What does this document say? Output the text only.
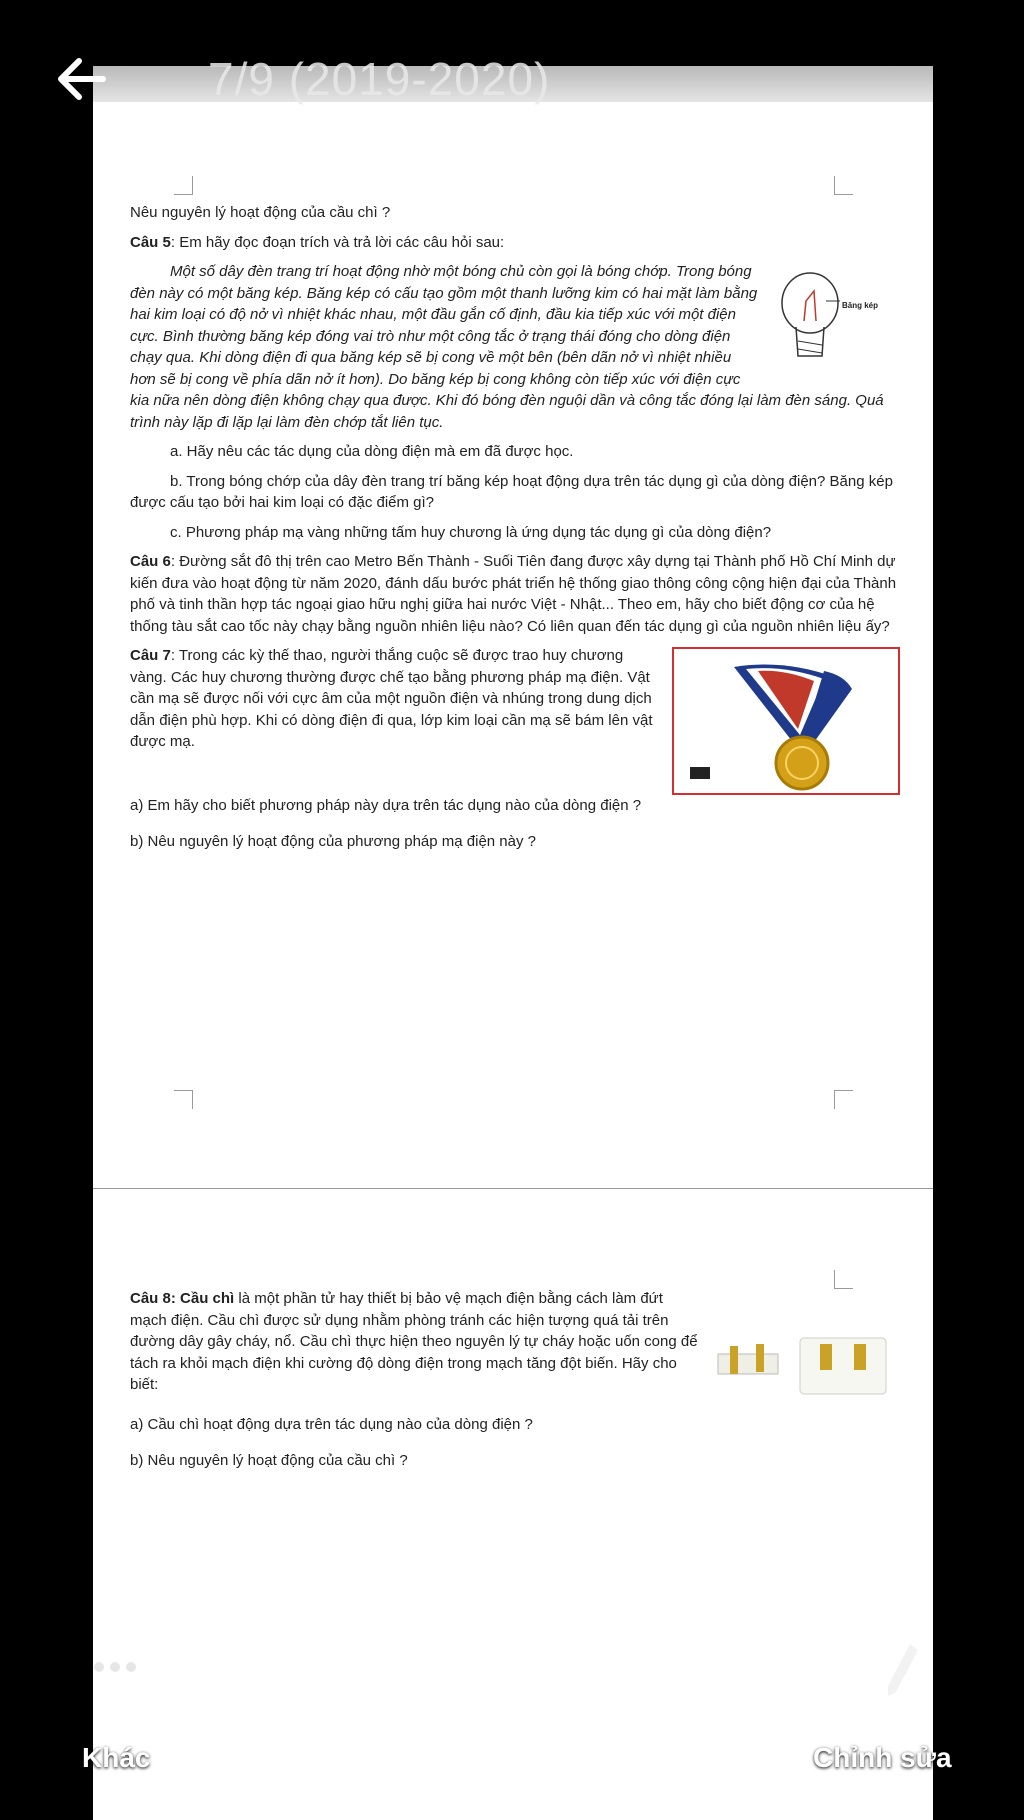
7/9 (2019-2020)

Nêu nguyên lý hoạt động của cầu chì ?

Câu 5: Em hãy đọc đoạn trích và trả lời các câu hỏi sau:

Băng kép

Một số dây đèn trang trí hoạt động nhờ một bóng chủ còn gọi là bóng chớp. Trong bóng đèn này có một băng kép. Băng kép có cấu tạo gồm một thanh lưỡng kim có hai mặt làm bằng hai kim loại có độ nở vì nhiệt khác nhau, một đầu gắn cố định, đầu kia tiếp xúc với một điện cực. Bình thường băng kép đóng vai trò như một công tắc ở trạng thái đóng cho dòng điện chạy qua. Khi dòng điện đi qua băng kép sẽ bị cong về một bên (bên dãn nở vì nhiệt nhiều hơn sẽ bị cong về phía dãn nở ít hơn). Do băng kép bị cong không còn tiếp xúc với điện cực kia nữa nên dòng điện không chạy qua được. Khi đó bóng đèn nguội dần và công tắc đóng lại làm đèn sáng. Quá trình này lặp đi lặp lại làm đèn chớp tắt liên tục.

a. Hãy nêu các tác dụng của dòng điện mà em đã được học.

b. Trong bóng chớp của dây đèn trang trí băng kép hoạt động dựa trên tác dụng gì của dòng điện? Băng kép được cấu tạo bởi hai kim loại có đặc điểm gì?

c. Phương pháp mạ vàng những tấm huy chương là ứng dụng tác dụng gì của dòng điện?

Câu 6: Đường sắt đô thị trên cao Metro Bến Thành - Suối Tiên đang được xây dựng tại Thành phố Hồ Chí Minh dự kiến đưa vào hoạt động từ năm 2020, đánh dấu bước phát triển hệ thống giao thông công cộng hiện đại của Thành phố và tinh thần hợp tác ngoại giao hữu nghị giữa hai nước Việt - Nhật... Theo em, hãy cho biết động cơ của hệ thống tàu sắt cao tốc này chạy bằng nguồn nhiên liệu nào? Có liên quan đến tác dụng gì của nguồn nhiên liệu ấy?

Câu 7: Trong các kỳ thế thao, người thắng cuộc sẽ được trao huy chương vàng. Các huy chương thường được chế tạo bằng phương pháp mạ điện. Vật cần mạ sẽ được nối với cực âm của một nguồn điện và nhúng trong dung dịch dẫn điện phù hợp. Khi có dòng điện đi qua, lớp kim loại cần mạ sẽ bám lên vật được mạ.

a) Em hãy cho biết phương pháp này dựa trên tác dụng nào của dòng điện ?

b) Nêu nguyên lý hoạt động của phương pháp mạ điện này ?

Câu 8: Cầu chì là một phần tử hay thiết bị bảo vệ mạch điện bằng cách làm đứt mạch điện. Cầu chì được sử dụng nhằm phòng tránh các hiện tượng quá tải trên đường dây gây cháy, nổ. Cầu chì thực hiện theo nguyên lý tự cháy hoặc uốn cong để tách ra khỏi mạch điện khi cường độ dòng điện trong mạch tăng đột biến. Hãy cho biết:

a) Cầu chì hoạt động dựa trên tác dụng nào của dòng điện ?

b) Nêu nguyên lý hoạt động của cầu chì ?

Khác	Chỉnh sửa
